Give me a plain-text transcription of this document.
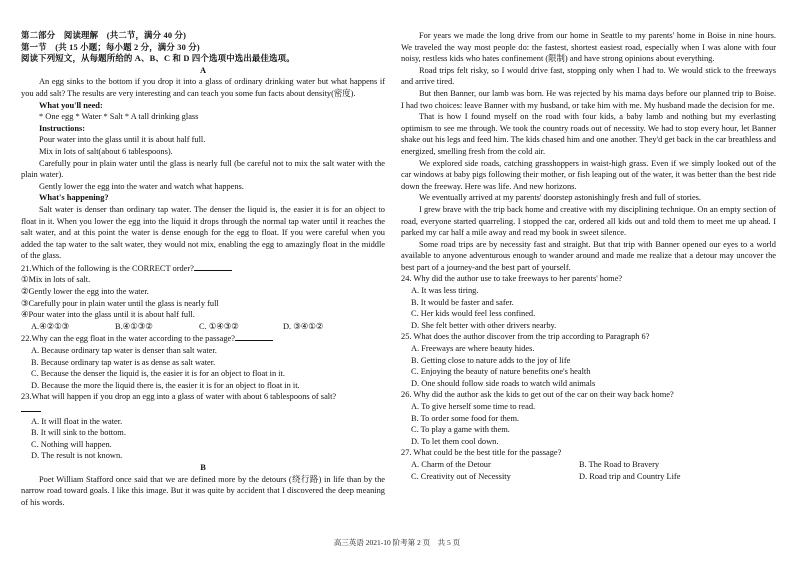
第二部分　阅读理解　(共二节，满分 40 分)

第一节　(共 15 小题；每小题 2 分，满分 30 分)

阅读下列短文，从每题所给的 A、B、C 和 D 四个选项中选出最佳选项。

A

An egg sinks to the bottom if you drop it into a glass of ordinary drinking water but what happens if you add salt? The results are very interesting and can teach you some fun facts about density(密度).

What you'll need:

* One egg * Water * Salt * A tall drinking glass

Instructions:

Pour water into the glass until it is about half full.

Mix in lots of salt(about 6 tablespoons).

Carefully pour in plain water until the glass is nearly full (be careful not to mix the salt water with the plain water).

Gently lower the egg into the water and watch what happens.

What's happening?

Salt water is denser than ordinary tap water. The denser the liquid is, the easier it is for an object to float in it. When you lower the egg into the liquid it drops through the normal tap water until it reaches the salt water, and at this point the water is dense enough for the egg to float. If you were careful when you added the tap water to the salt water, they would not mix, enabling the egg to amazingly float in the middle of the glass.

21.Which of the following is the CORRECT order?

①Mix in lots of salt.

②Gently lower the egg into the water.

③Carefully pour in plain water until the glass is nearly full

④Pour water into the glass until it is about half full.

A.④②①③	B.④①③②	C. ①④③②	D. ③④①②

22.Why can the egg float in the water according to the passage?

A. Because ordinary tap water is denser than salt water.

B. Because ordinary tap water is as dense as salt water.

C. Because the denser the liquid is, the easier it is for an object to float in it.

D. Because the more the liquid there is, the easier it is for an object to float in it.

23.What will happen if you drop an egg into a glass of water with about 6 tablespoons of salt?

A. It will float in the water.

B. It will sink to the bottom.

C. Nothing will happen.

D. The result is not known.

B

Poet William Stafford once said that we are defined more by the detours (绕行路) in life than by the narrow road toward goals. I like this image. But it was quite by accident that I discovered the deep meaning of his words.

For years we made the long drive from our home in Seattle to my parents' home in Boise in nine hours. We traveled the way most people do: the fastest, shortest easiest road, especially when I was alone with four noisy, restless kids who hates confinement (限制) and have strong opinions about everything.

Road trips felt risky, so I would drive fast, stopping only when I had to. We would stick to the freeways and arrive tired.

But then Banner, our lamb was born. He was rejected by his mama days before our planned trip to Boise. I had two choices: leave Banner with my husband, or take him with me. My husband made the decision for me.

That is how I found myself on the road with four kids, a baby lamb and nothing but my everlasting optimism to see me through. We took the country roads out of necessity. We had to stop every hour, let Banner shake out his legs and feed him. The kids chased him and one another. They'd get back in the car breathless and energized, smelling fresh from the cold air.

We explored side roads, catching grasshoppers in waist-high grass. Even if we simply looked out of the car windows at baby pigs following their mother, or fish leaping out of the water, it was better than the best ride down the freeway. Here was life. And new horizons.

We eventually arrived at my parents' doorstep astonishingly fresh and full of stories.

I grew brave with the trip back home and creative with my disciplining technique. On an empty section of road, everyone started quarreling. I stopped the car, ordered all kids out and told them to meet me up ahead. I parked my car half a mile away and read my book in sweet silence.

Some road trips are by necessity fast and straight. But that trip with Banner opened our eyes to a world available to anyone adventurous enough to wander around and made me realize that a detour may uncover the best part of a journey-and the best part of yourself.

24. Why did the author use to take freeways to her parents' home?

A. It was less tiring.

B. It would be faster and safer.

C. Her kids would feel less confined.

D. She felt better with other drivers nearby.

25. What does the author discover from the trip according to Paragraph 6?

A. Freeways are where beauty hides.

B. Getting close to nature adds to the joy of life

C. Enjoying the beauty of nature benefits one's health

D. One should follow side roads to watch wild animals

26. Why did the author ask the kids to get out of the car on their way back home?

A. To give herself some time to read.

B. To order some food for them.

C. To play a game with them.

D. To let them cool down.

27. What could be the best title for the passage?

A. Charm of the Detour	B. The Road to Bravery
C. Creativity out of Necessity	D. Road trip and Country Life
高三英语 2021-10 阶考第 2 页　共 5 页
